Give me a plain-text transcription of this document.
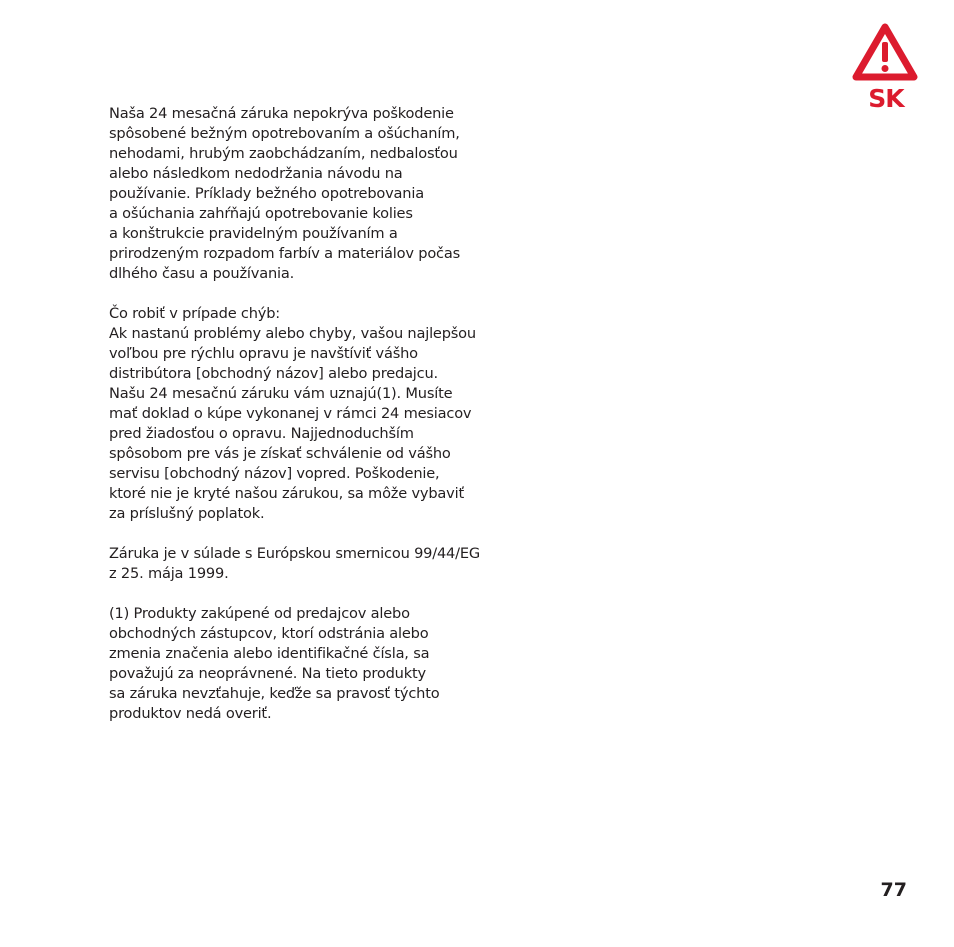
SK

Naša 24 mesačná záruka nepokrýva poškodenie
spôsobené bežným opotrebovaním a ošúchaním,
nehodami, hrubým zaobchádzaním, nedbalosťou
alebo následkom nedodržania návodu na
používanie. Príklady bežného opotrebovania
a ošúchania zahŕňajú opotrebovanie kolies
a konštrukcie pravidelným používaním a
prirodzeným rozpadom farbív a materiálov počas
dlhého času a používania.

Čo robiť v prípade chýb:
Ak nastanú problémy alebo chyby, vašou najlepšou
voľbou pre rýchlu opravu je navštíviť vášho
distribútora [obchodný názov] alebo predajcu.
Našu 24 mesačnú záruku vám uznajú(1). Musíte
mať doklad o kúpe vykonanej v rámci 24 mesiacov
pred žiadosťou o opravu. Najjednoduchším
spôsobom pre vás je získať schválenie od vášho
servisu [obchodný názov] vopred. Poškodenie,
ktoré nie je kryté našou zárukou, sa môže vybaviť
za príslušný poplatok.

Záruka je v súlade s Európskou smernicou 99/44/EG
z 25. mája 1999.

(1) Produkty zakúpené od predajcov alebo
obchodných zástupcov, ktorí odstránia alebo
zmenia značenia alebo identifikačné čísla, sa
považujú za neoprávnené. Na tieto produkty
sa záruka nevzťahuje, keďže sa pravosť týchto
produktov nedá overiť.

77
